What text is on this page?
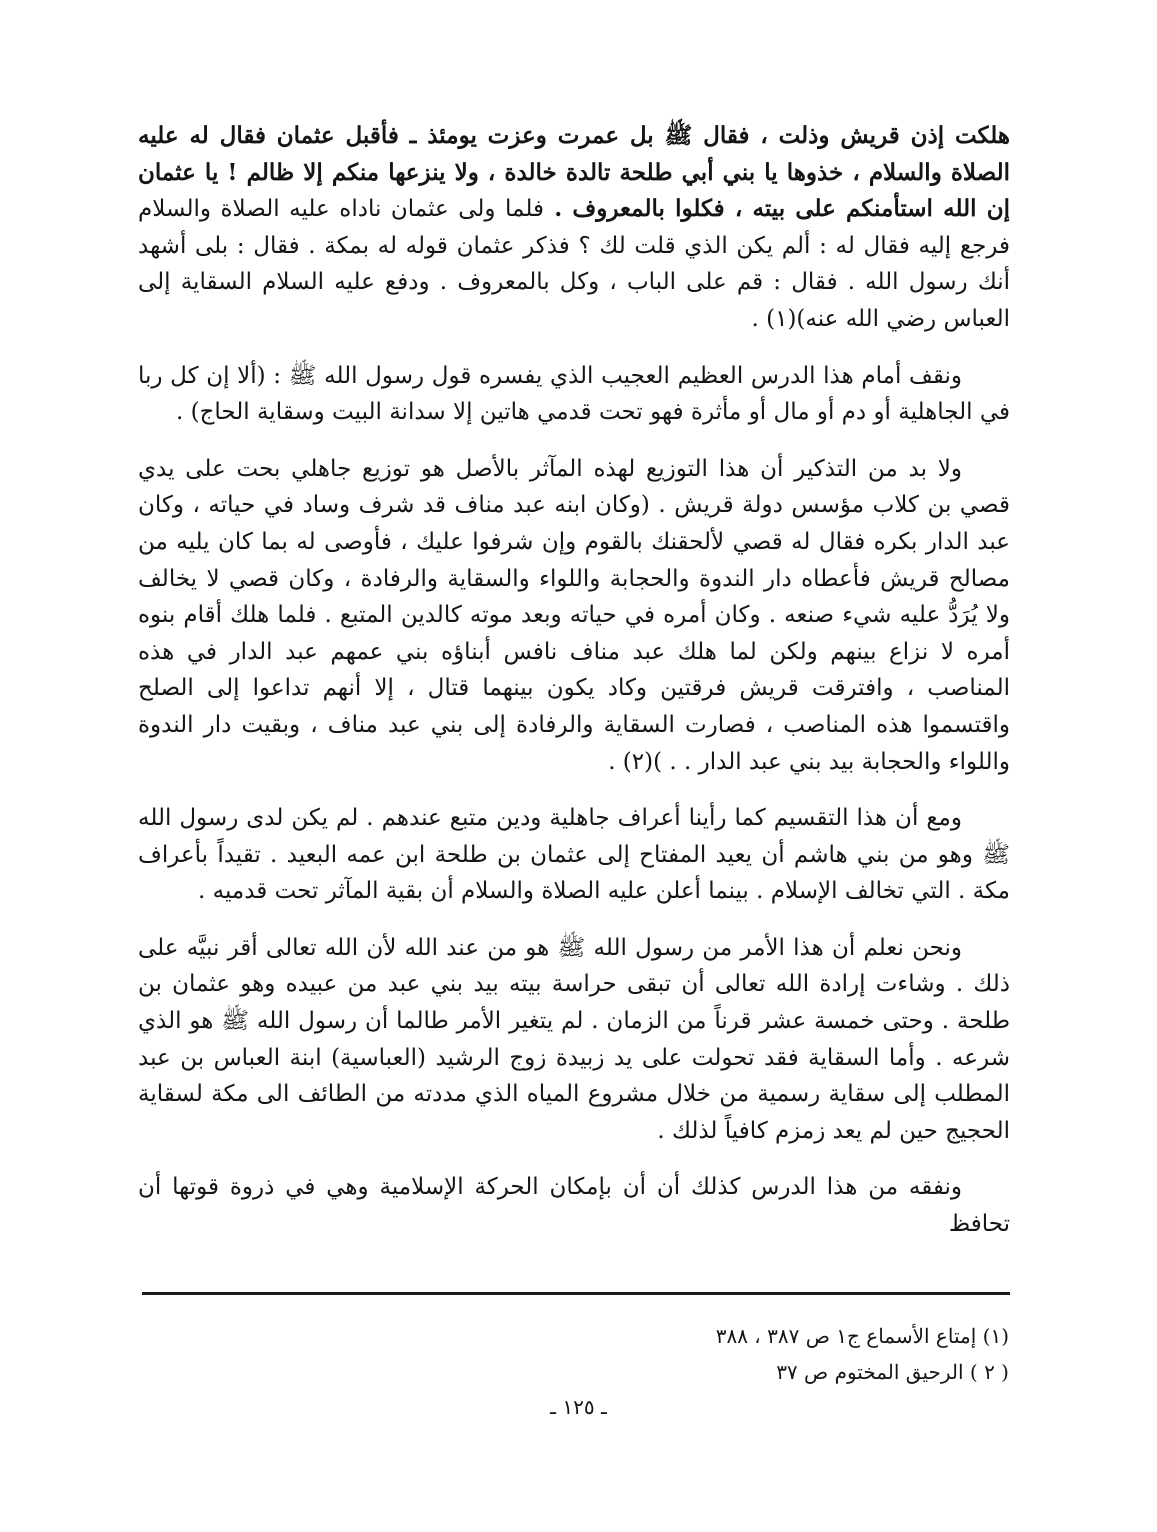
هلكت إذن قريش وذلت ، فقال ﷺ بل عمرت وعزت يومئذ ـ فأقبل عثمان فقال له عليه الصلاة والسلام ، خذوها يا بني أبي طلحة تالدة خالدة ، ولا ينزعها منكم إلا ظالم ! يا عثمان إن الله استأمنكم على بيته ، فكلوا بالمعروف . فلما ولى عثمان ناداه عليه الصلاة والسلام فرجع إليه فقال له : ألم يكن الذي قلت لك ؟ فذكر عثمان قوله له بمكة . فقال : بلى أشهد أنك رسول الله . فقال : قم على الباب ، وكل بالمعروف . ودفع عليه السلام السقاية إلى العباس رضي الله عنه)(١) .

ونقف أمام هذا الدرس العظيم العجيب الذي يفسره قول رسول الله ﷺ : (ألا إن كل ربا في الجاهلية أو دم أو مال أو مأثرة فهو تحت قدمي هاتين إلا سدانة البيت وسقاية الحاج) .

ولا بد من التذكير أن هذا التوزيع لهذه المآثر بالأصل هو توزيع جاهلي بحت على يدي قصي بن كلاب مؤسس دولة قريش . (وكان ابنه عبد مناف قد شرف وساد في حياته ، وكان عبد الدار بكره فقال له قصي لألحقنك بالقوم وإن شرفوا عليك ، فأوصى له بما كان يليه من مصالح قريش فأعطاه دار الندوة والحجابة واللواء والسقاية والرفادة ، وكان قصي لا يخالف ولا يُرَدُّ عليه شيء صنعه . وكان أمره في حياته وبعد موته كالدين المتبع . فلما هلك أقام بنوه أمره لا نزاع بينهم ولكن لما هلك عبد مناف نافس أبناؤه بني عمهم عبد الدار في هذه المناصب ، وافترقت قريش فرقتين وكاد يكون بينهما قتال ، إلا أنهم تداعوا إلى الصلح واقتسموا هذه المناصب ، فصارت السقاية والرفادة إلى بني عبد مناف ، وبقيت دار الندوة واللواء والحجابة بيد بني عبد الدار . . )(٢) .

ومع أن هذا التقسيم كما رأينا أعراف جاهلية ودين متبع عندهم . لم يكن لدى رسول الله ﷺ وهو من بني هاشم أن يعيد المفتاح إلى عثمان بن طلحة ابن عمه البعيد . تقيداً بأعراف مكة . التي تخالف الإسلام . بينما أعلن عليه الصلاة والسلام أن بقية المآثر تحت قدميه .

ونحن نعلم أن هذا الأمر من رسول الله ﷺ هو من عند الله لأن الله تعالى أقر نبيَّه على ذلك . وشاءت إرادة الله تعالى أن تبقى حراسة بيته بيد بني عبد من عبيده وهو عثمان بن طلحة . وحتى خمسة عشر قرناً من الزمان . لم يتغير الأمر طالما أن رسول الله ﷺ هو الذي شرعه . وأما السقاية فقد تحولت على يد زبيدة زوج الرشيد (العباسية) ابنة العباس بن عبد المطلب إلى سقاية رسمية من خلال مشروع المياه الذي مددته من الطائف الى مكة لسقاية الحجيج حين لم يعد زمزم كافياً لذلك .

ونفقه من هذا الدرس كذلك أن أن بإمكان الحركة الإسلامية وهي في ذروة قوتها أن تحافظ

(١) إمتاع الأسماع ج١ ص ٣٨٧ ، ٣٨٨

( ٢ ) الرحيق المختوم ص ٣٧

ـ ١٢٥ ـ
